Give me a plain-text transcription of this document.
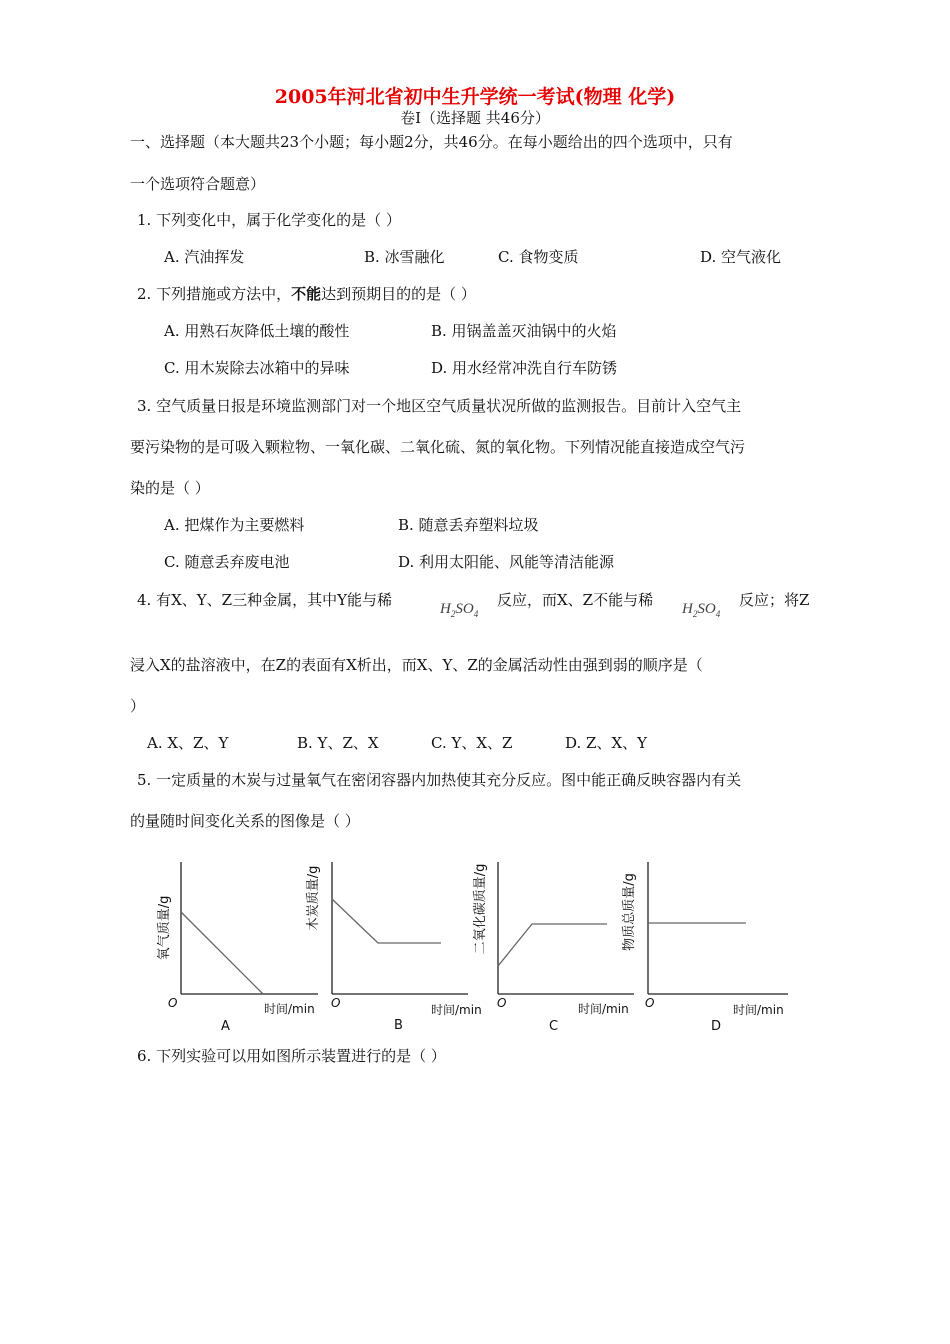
2005年河北省初中生升学统一考试(物理 化学)
卷Ⅰ（选择题 共46分）
一、选择题（本大题共23个小题；每小题2分，共46分。在每小题给出的四个选项中，只有
一个选项符合题意）
1. 下列变化中，属于化学变化的是（ ）
A. 汽油挥发	B. 冰雪融化	C. 食物变质	D. 空气液化
2. 下列措施或方法中，不能达到预期目的的是（ ）
A. 用熟石灰降低土壤的酸性	B. 用锅盖盖灭油锅中的火焰
C. 用木炭除去冰箱中的异味	D. 用水经常冲洗自行车防锈
3. 空气质量日报是环境监测部门对一个地区空气质量状况所做的监测报告。目前计入空气主
要污染物的是可吸入颗粒物、一氧化碳、二氧化硫、氮的氧化物。下列情况能直接造成空气污
染的是（ ）
A. 把煤作为主要燃料	B. 随意丢弃塑料垃圾
C. 随意丢弃废电池	D. 利用太阳能、风能等清洁能源
4. 有X、Y、Z三种金属，其中Y能与稀	$H_2SO_4$
反应，而X、Z不能与稀 $H_2SO_4$
反应；将Z
浸入X的盐溶液中，在Z的表面有X析出，而X、Y、Z的金属活动性由强到弱的顺序是（
）
A. X、Z、Y	B. Y、Z、X	C. Y、X、Z	D. Z、X、Y
5. 一定质量的木炭与过量氧气在密闭容器内加热使其充分反应。图中能正确反映容器内有关
的量随时间变化关系的图像是（ ）
氧气质量/g
O	时间/min
A
木炭质量/g
O	时间/min
B
二氧化碳质量/g
O	时间/min
C
物质总质量/g
O	时间/min
D
6. 下列实验可以用如图所示装置进行的是（ ）
